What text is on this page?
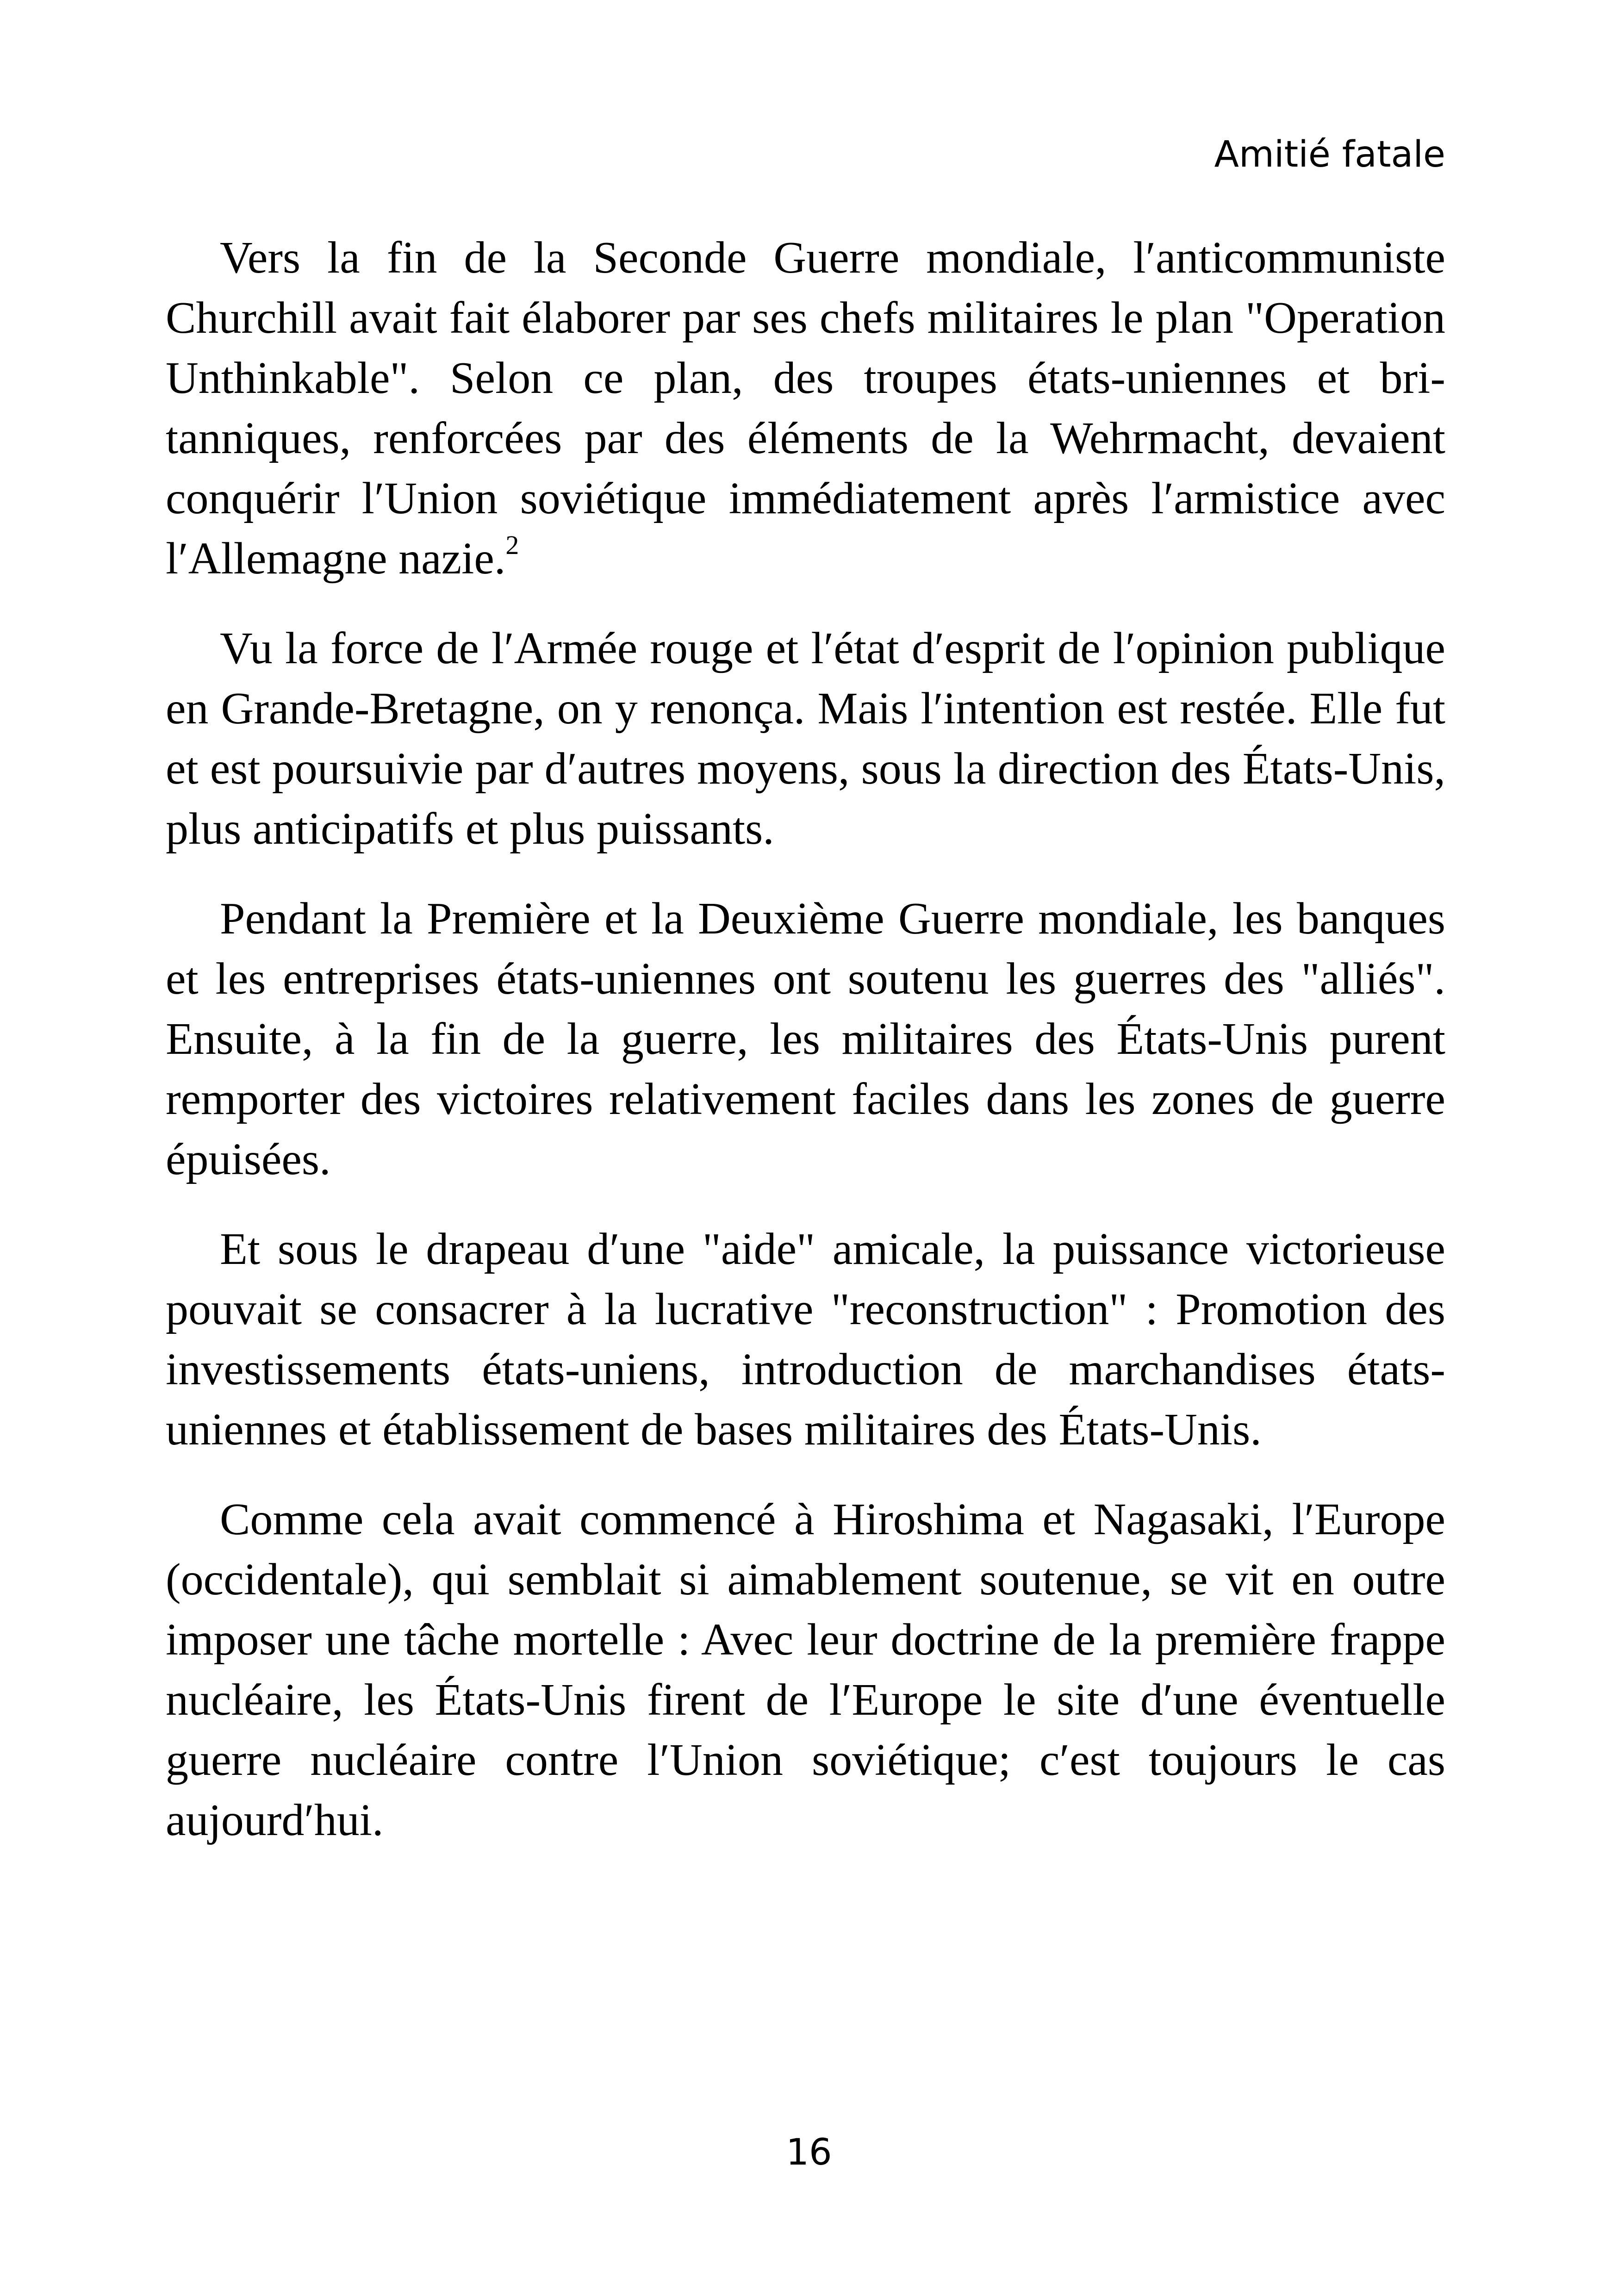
Amitié fatale

Vers la fin de la Seconde Guerre mondiale, lʹanticommuniste Churchill avait fait élaborer par ses chefs militaires le plan "Operation Unthinkable". Selon ce plan, des troupes états-uniennes et britanniques, renforcées par des éléments de la Wehrmacht, devaient conquérir lʹUnion soviétique immédiatement après lʹarmistice avec lʹAllemagne nazie.$^2$

Vu la force de lʹArmée rouge et lʹétat dʹesprit de lʹopinion publique en Grande-Bretagne, on y renonça. Mais lʹintention est restée. Elle fut et est poursuivie par dʹautres moyens, sous la direction des États-Unis, plus anticipatifs et plus puissants.

Pendant la Première et la Deuxième Guerre mondiale, les banques et les entreprises états-uniennes ont soutenu les guerres des "alliés". Ensuite, à la fin de la guerre, les militaires des États-Unis purent remporter des victoires relativement faciles dans les zones de guerre épuisées.

Et sous le drapeau dʹune "aide" amicale, la puissance victorieuse pouvait se consacrer à la lucrative "reconstruction" : Promotion des investissements états-uniens, introduction de marchandises états-uniennes et établissement de bases militaires des États-Unis.

Comme cela avait commencé à Hiroshima et Nagasaki, lʹEurope (occidentale), qui semblait si aimablement soutenue, se vit en outre imposer une tâche mortelle : Avec leur doctrine de la première frappe nucléaire, les États-Unis firent de lʹEurope le site dʹune éventuelle guerre nucléaire contre lʹUnion soviétique; cʹest toujours le cas aujourdʹhui.

16
